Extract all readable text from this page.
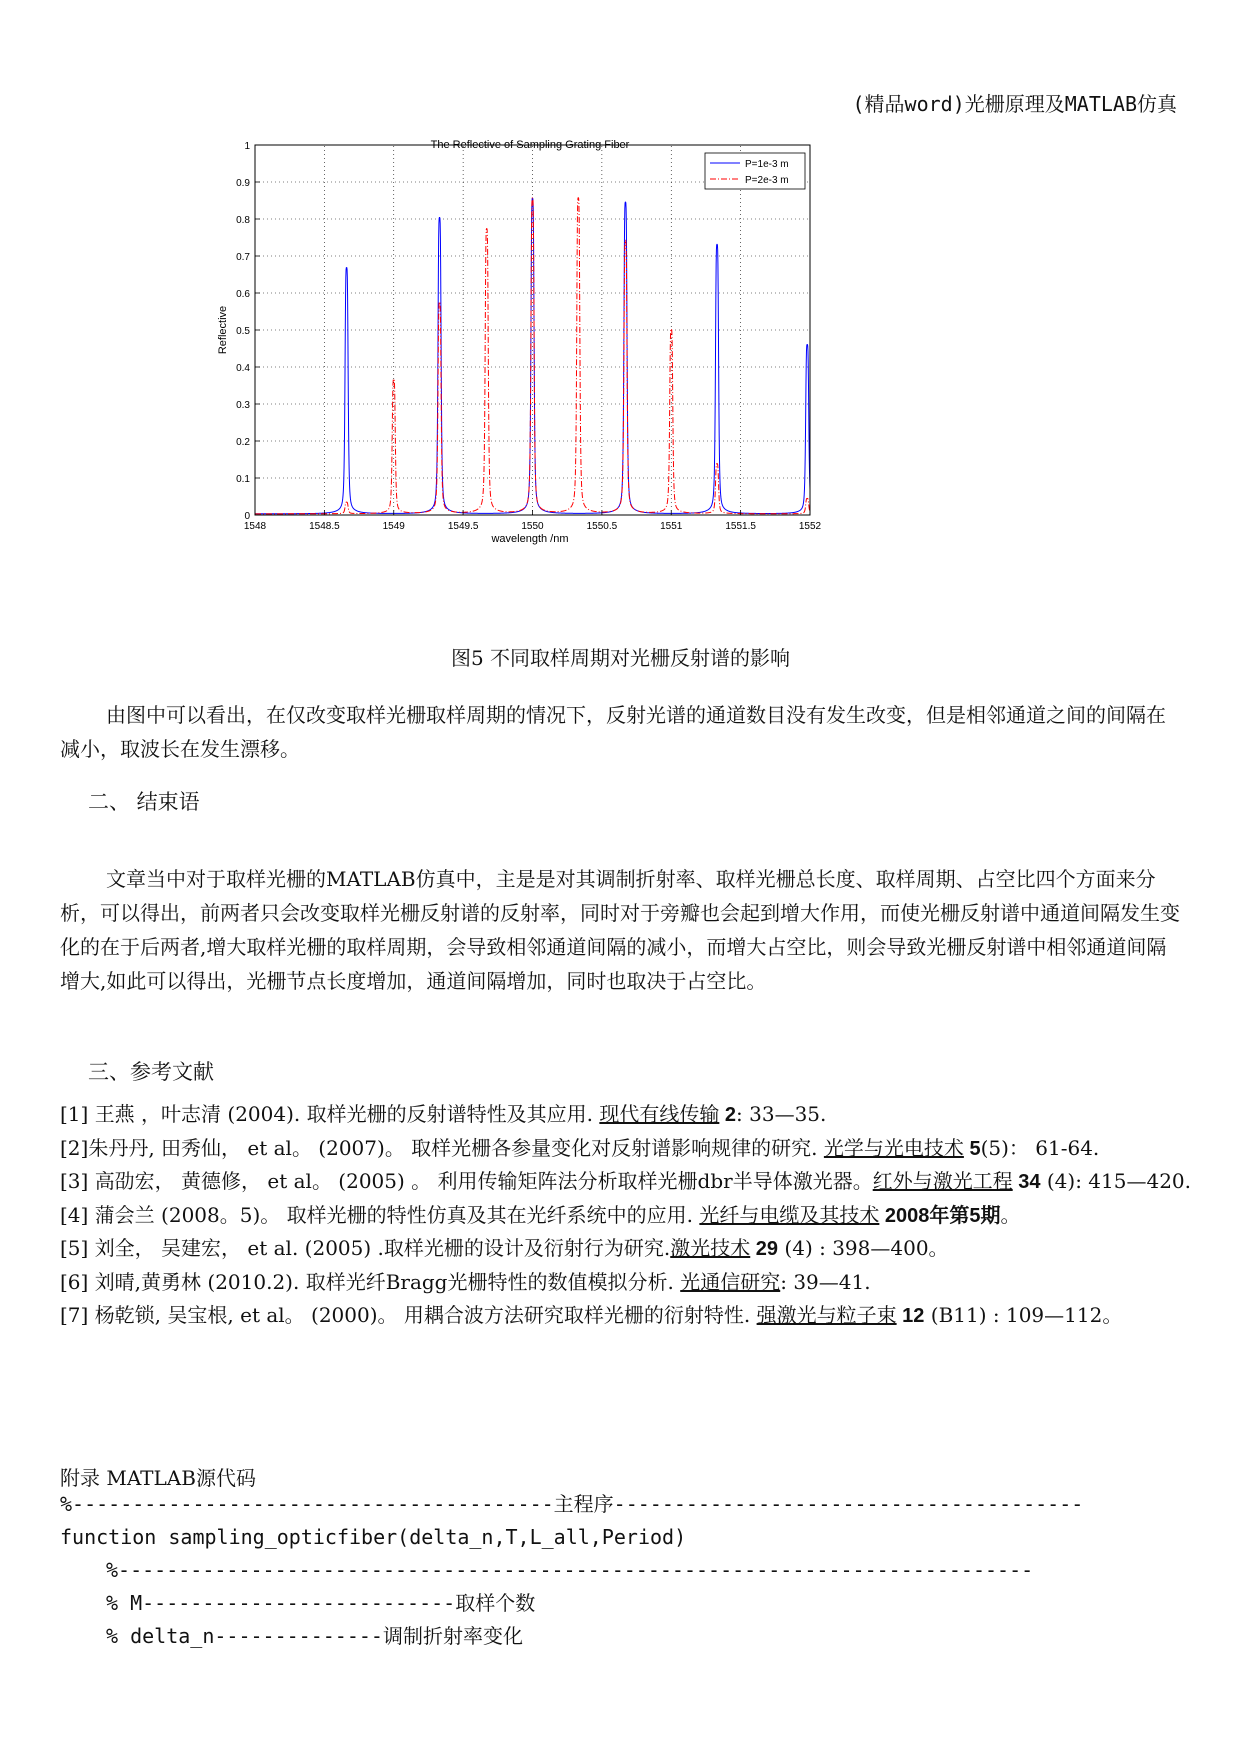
(精品word)光栅原理及MATLAB仿真
The Reflective of Sampling Grating Fiber
0
0.1
0.2
0.3
0.4
0.5
0.6
0.7
0.8
0.9
1
1548	1548.5	1549	1549.5	1550	1550.5	1551	1551.5	1552
wavelength /nm
Reflective
P=1e-3 m
P=2e-3 m
图5 不同取样周期对光栅反射谱的影响

由图中可以看出，在仅改变取样光栅取样周期的情况下，反射光谱的通道数目没有发生改变，但是相邻通道之间的间隔在减小，取波长在发生漂移。

二、 结束语

文章当中对于取样光栅的MATLAB仿真中，主是是对其调制折射率、取样光栅总长度、取样周期、占空比四个方面来分析，可以得出，前两者只会改变取样光栅反射谱的反射率，同时对于旁瓣也会起到增大作用，而使光栅反射谱中通道间隔发生变化的在于后两者,增大取样光栅的取样周期，会导致相邻通道间隔的减小，而增大占空比，则会导致光栅反射谱中相邻通道间隔增大,如此可以得出，光栅节点长度增加，通道间隔增加，同时也取决于占空比。

三、参考文献

[1] 王燕 ，叶志清 (2004). 取样光栅的反射谱特性及其应用. 现代有线传输 2: 33—35.

[2]朱丹丹, 田秀仙， et al。 (2007)。 取样光栅各参量变化对反射谱影响规律的研究. 光学与光电技术 5(5)： 61-64.

[3] 高劭宏， 黄德修， et al。 (2005) 。 利用传输矩阵法分析取样光栅dbr半导体激光器。红外与激光工程 34 (4): 415—420.

[4] 蒲会兰 (2008。5)。 取样光栅的特性仿真及其在光纤系统中的应用. 光纤与电缆及其技术 2008年第5期。

[5] 刘全， 吴建宏， et al. (2005) .取样光栅的设计及衍射行为研究.激光技术 29 (4) : 398—400。

[6] 刘晴,黄勇林 (2010.2). 取样光纤Bragg光栅特性的数值模拟分析. 光通信研究: 39—41.

[7] 杨乾锁, 吴宝根, et al。 (2000)。 用耦合波方法研究取样光栅的衍射特性. 强激光与粒子束 12 (B11) : 109—112。

附录 MATLAB源代码
%----------------------------------------主程序---------------------------------------
function sampling_opticfiber(delta_n,T,L_all,Period)
%----------------------------------------------------------------------------
% M--------------------------取样个数
% delta_n--------------调制折射率变化
